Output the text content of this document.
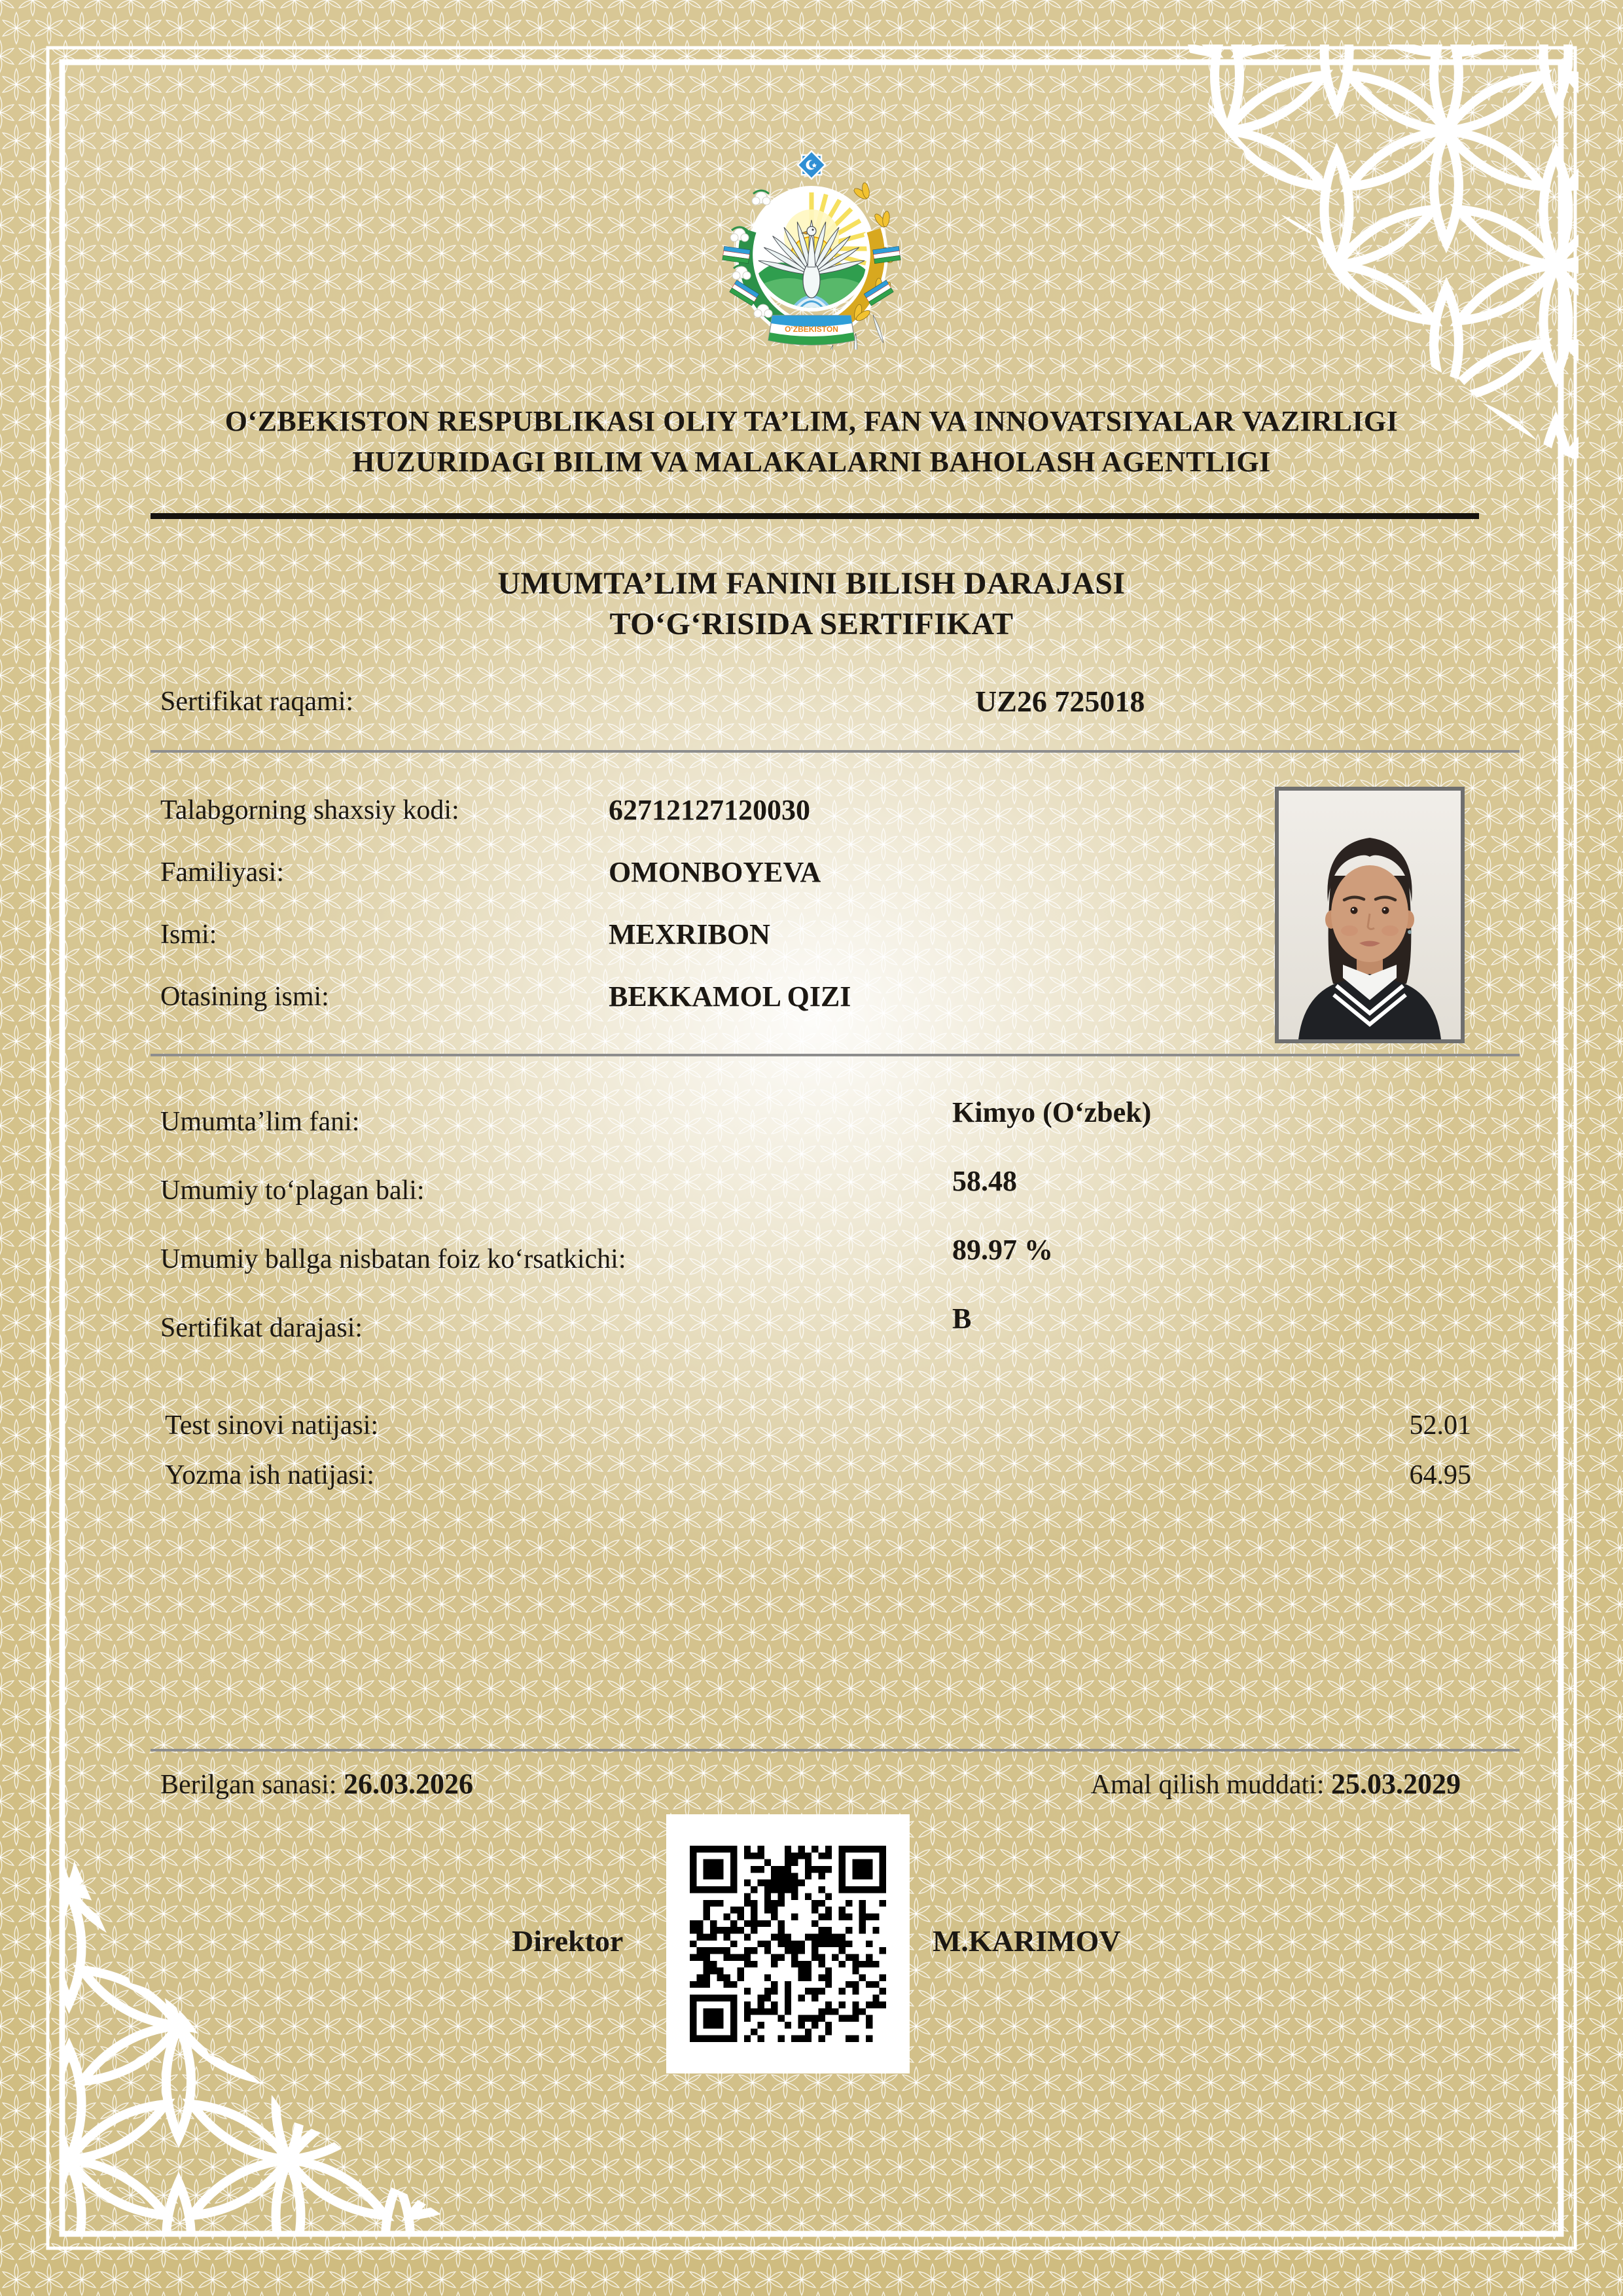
O‘ZBEKISTON
O‘ZBEKISTON RESPUBLIKASI OLIY TA’LIM, FAN VA INNOVATSIYALAR VAZIRLIGI
HUZURIDAGI BILIM VA MALAKALARNI BAHOLASH AGENTLIGI
UMUMTA’LIM FANINI BILISH DARAJASI
TO‘G‘RISIDA SERTIFIKAT
Sertifikat raqami:	UZ26 725018
Talabgorning shaxsiy kodi:	62712127120030
Familiyasi:	OMONBOYEVA
Ismi:	MEXRIBON
Otasining ismi:	BEKKAMOL QIZI
Umumta’lim fani:	Kimyo (O‘zbek)
Umumiy to‘plagan bali:	58.48
Umumiy ballga nisbatan foiz ko‘rsatkichi:	89.97 %
Sertifikat darajasi:	B
Test sinovi natijasi:	52.01
Yozma ish natijasi:	64.95
Berilgan sanasi: 26.03.2026	Amal qilish muddati: 25.03.2029
Direktor	M.KARIMOV
